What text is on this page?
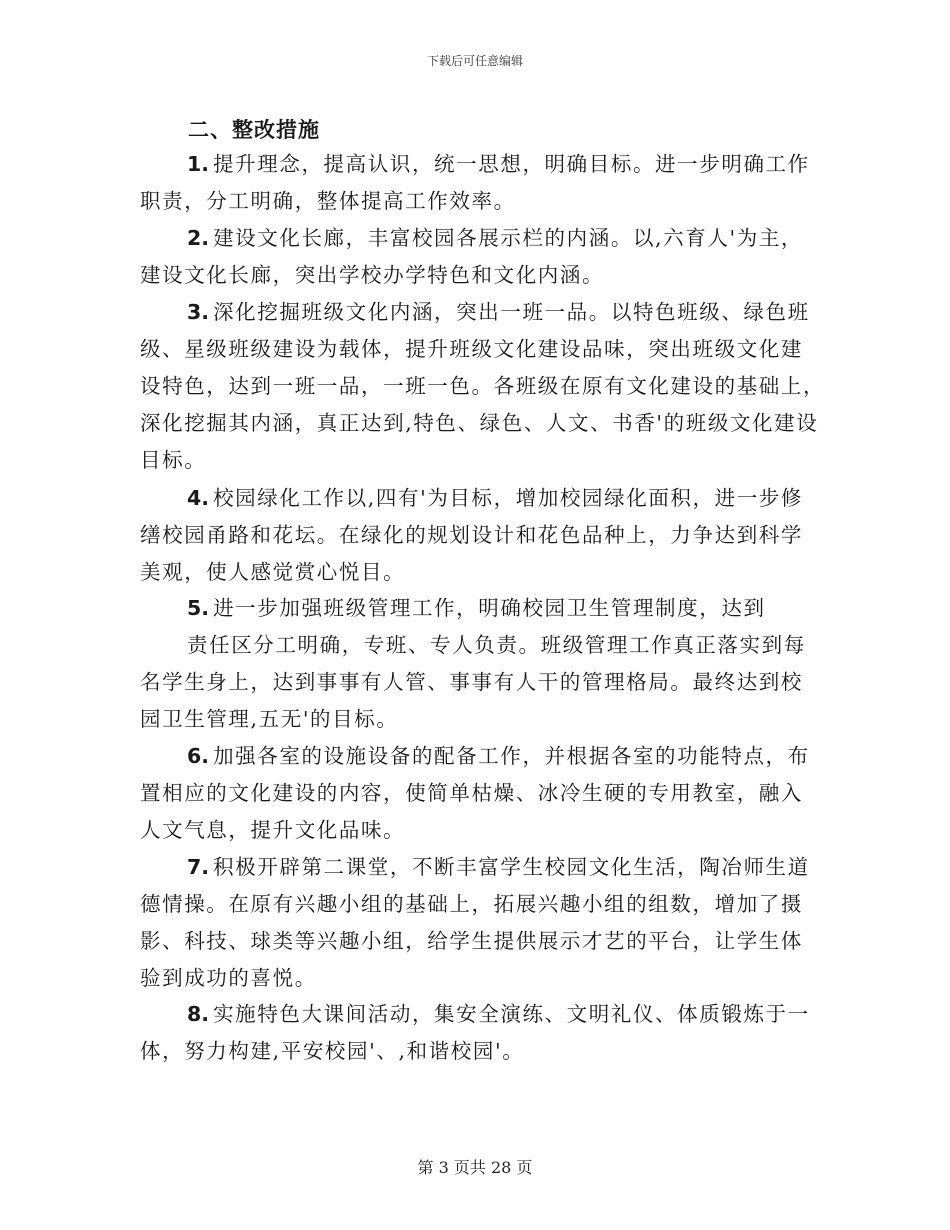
下载后可任意编辑
二、整改措施
1. 提升理念，提高认识，统一思想，明确目标。进一步明确工作
职责，分工明确，整体提高工作效率。
2. 建设文化长廊，丰富校园各展示栏的内涵。以,六育人'为主，
建设文化长廊，突出学校办学特色和文化内涵。
3. 深化挖掘班级文化内涵，突出一班一品。以特色班级、绿色班
级、星级班级建设为载体，提升班级文化建设品味，突出班级文化建
设特色，达到一班一品，一班一色。各班级在原有文化建设的基础上，
深化挖掘其内涵，真正达到,特色、绿色、人文、书香'的班级文化建设
目标。
4. 校园绿化工作以,四有'为目标，增加校园绿化面积，进一步修
缮校园甬路和花坛。在绿化的规划设计和花色品种上，力争达到科学
美观，使人感觉赏心悦目。
5. 进一步加强班级管理工作，明确校园卫生管理制度，达到
责任区分工明确，专班、专人负责。班级管理工作真正落实到每
名学生身上，达到事事有人管、事事有人干的管理格局。最终达到校
园卫生管理,五无'的目标。
6. 加强各室的设施设备的配备工作，并根据各室的功能特点，布
置相应的文化建设的内容，使简单枯燥、冰冷生硬的专用教室，融入
人文气息，提升文化品味。
7. 积极开辟第二课堂，不断丰富学生校园文化生活，陶冶师生道
德情操。在原有兴趣小组的基础上，拓展兴趣小组的组数，增加了摄
影、科技、球类等兴趣小组，给学生提供展示才艺的平台，让学生体
验到成功的喜悦。
8. 实施特色大课间活动，集安全演练、文明礼仪、体质锻炼于一
体，努力构建,平安校园'、,和谐校园'。
第 3 页共 28 页
